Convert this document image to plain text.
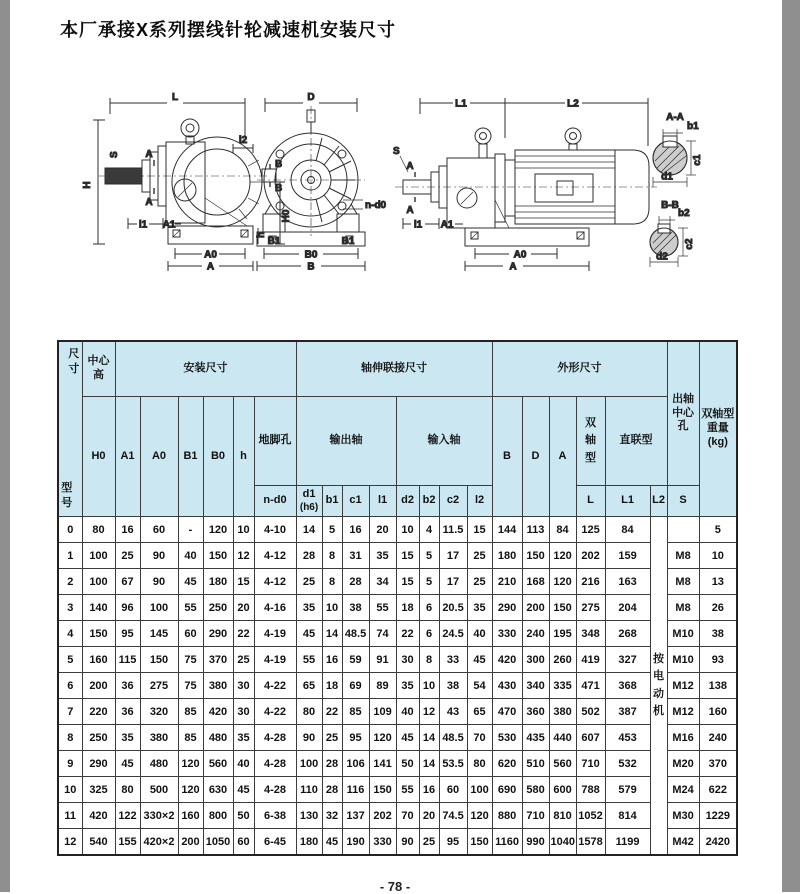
本厂承接X系列摆线针轮减速机安装尺寸
L
H
S	A
A
l1 A1
A0
A
l2
B
B
H0
h
D
n-d0
B1	B1
B0
B
L1	L2
S
A
A
l1 A1
A0
A
A-A
b1
c1
d1
B-B
b2
c2
d2
尺寸
型号	中心高	安装尺寸						轴伸联接尺寸								外形尺寸						出轴
中心孔	双轴型
重量
(kg)

	H0	A1	A0	B1	B0	h	地脚孔	输出轴				输入轴				B	D	A	双轴型	直联型			
							n-d0	d1
(h6)	b1	c1	l1	d2	b2	c2	l2				L	L1	L2	S	
0	80	16	60	-	120	10	4-10	14	5	16	20	10	4	11.5	15	144	113	84	125	84	按电动机		5
1	100	25	90	40	150	12	4-12	28	8	31	35	15	5	17	25	180	150	120	202	159		M8	10
2	100	67	90	45	180	15	4-12	25	8	28	34	15	5	17	25	210	168	120	216	163		M8	13
3	140	96	100	55	250	20	4-16	35	10	38	55	18	6	20.5	35	290	200	150	275	204		M8	26
4	150	95	145	60	290	22	4-19	45	14	48.5	74	22	6	24.5	40	330	240	195	348	268		M10	38
5	160	115	150	75	370	25	4-19	55	16	59	91	30	8	33	45	420	300	260	419	327		M10	93
6	200	36	275	75	380	30	4-22	65	18	69	89	35	10	38	54	430	340	335	471	368		M12	138
7	220	36	320	85	420	30	4-22	80	22	85	109	40	12	43	65	470	360	380	502	387		M12	160
8	250	35	380	85	480	35	4-28	90	25	95	120	45	14	48.5	70	530	435	440	607	453		M16	240
9	290	45	480	120	560	40	4-28	100	28	106	141	50	14	53.5	80	620	510	560	710	532		M20	370
10	325	80	500	120	630	45	4-28	110	28	116	150	55	16	60	100	690	580	600	788	579		M24	622
11	420	122	330×2	160	800	50	6-38	130	32	137	202	70	20	74.5	120	880	710	810	1052	814		M30	1229
12	540	155	420×2	200	1050	60	6-45	180	45	190	330	90	25	95	150	1160	990	1040	1578	1199		M42	2420
- 78 -
